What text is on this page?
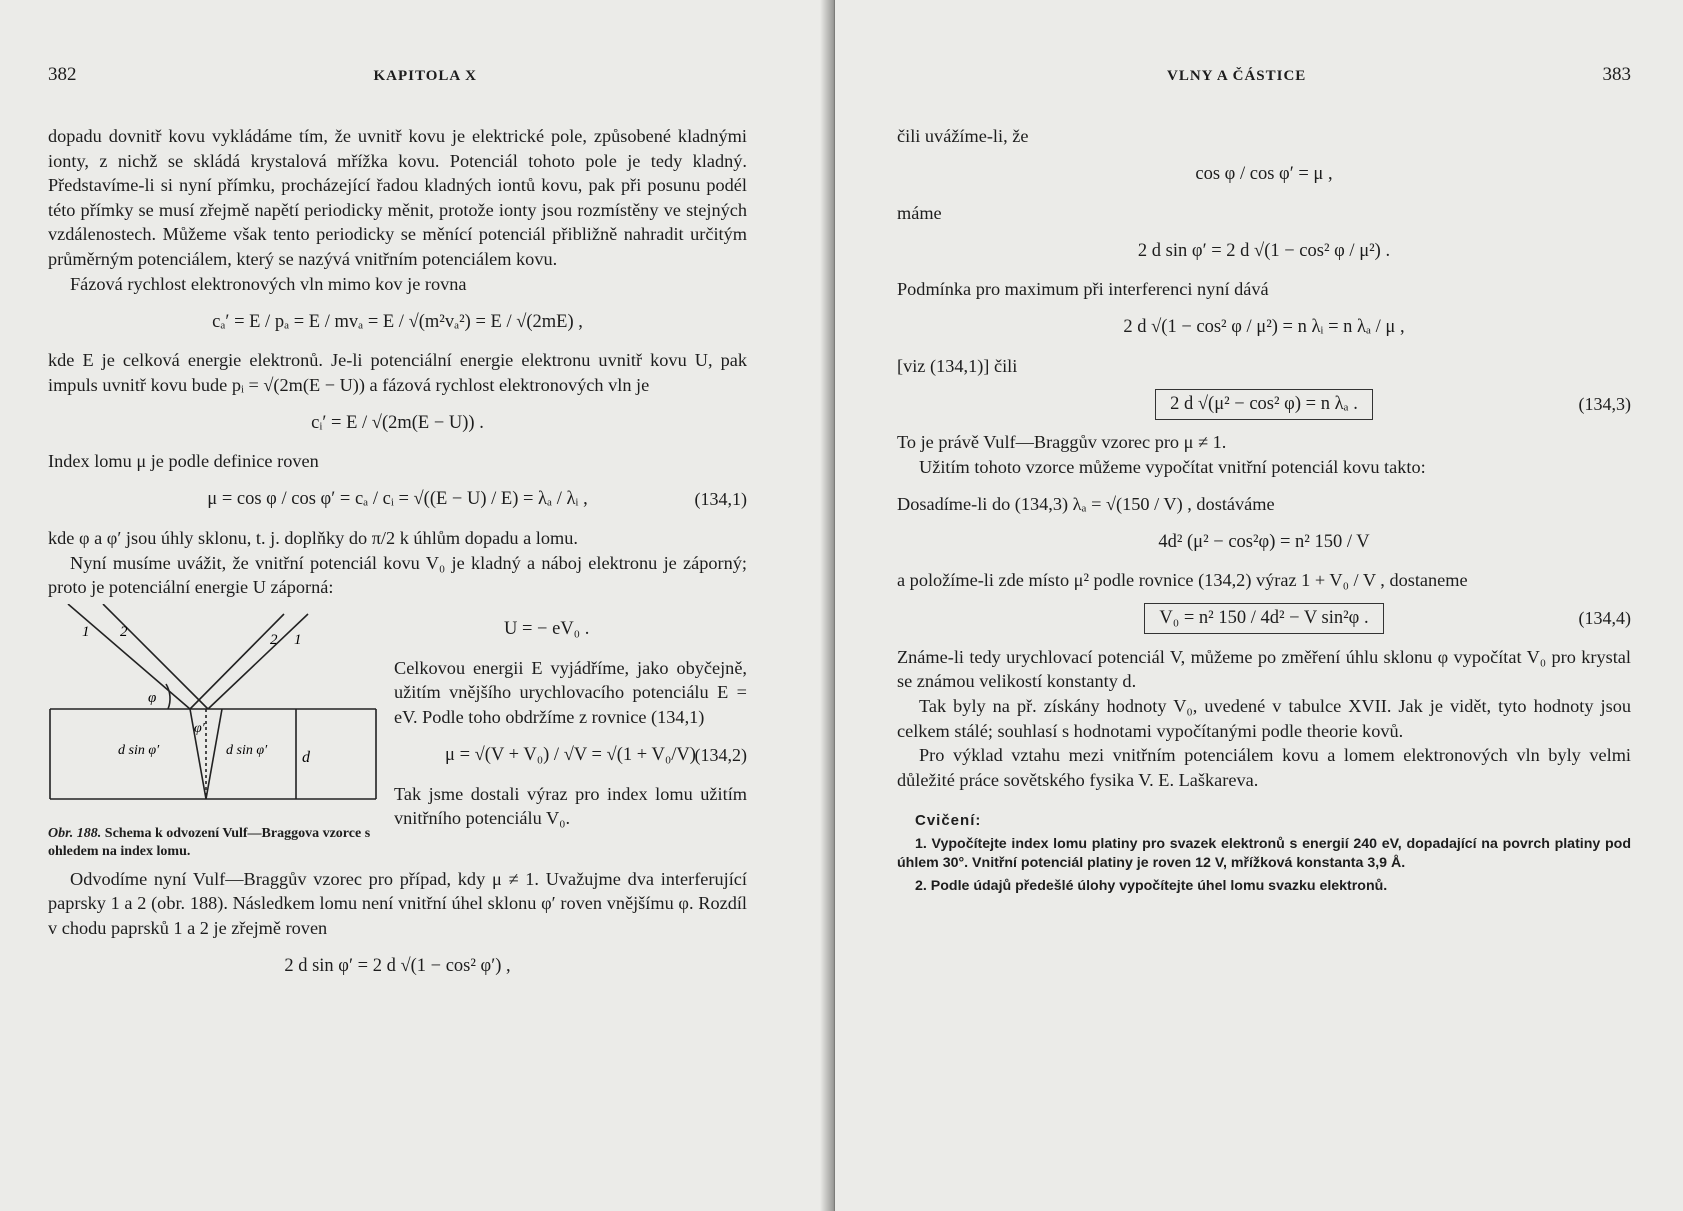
382	KAPITOLA X

dopadu dovnitř kovu vykládáme tím, že uvnitř kovu je elektrické pole, způsobené kladnými ionty, z nichž se skládá krystalová mřížka kovu. Potenciál tohoto pole je tedy kladný. Představíme-li si nyní přímku, procházející řadou kladných iontů kovu, pak při posunu podél této přímky se musí zřejmě napětí periodicky měnit, protože ionty jsou rozmístěny ve stejných vzdálenostech. Můžeme však tento periodicky se měnící potenciál přibližně nahradit určitým průměrným potenciálem, který se nazývá vnitřním potenciálem kovu.

Fázová rychlost elektronových vln mimo kov je rovna

cₐ′ = E / pₐ = E / mvₐ = E / √(m²vₐ²) = E / √(2mE) ,

kde E je celková energie elektronů. Je-li potenciální energie elektronu uvnitř kovu U, pak impuls uvnitř kovu bude pᵢ = √(2m(E − U)) a fázová rychlost elektronových vln je

cᵢ′ = E / √(2m(E − U)) .

Index lomu μ je podle definice roven

μ = cos φ / cos φ′ = cₐ / cᵢ = √((E − U) / E) = λₐ / λᵢ ,	(134,1)

kde φ a φ′ jsou úhly sklonu, t. j. doplňky do π/2 k úhlům dopadu a lomu.

Nyní musíme uvážit, že vnitřní potenciál kovu V₀ je kladný a náboj elektronu je záporný; proto je potenciální energie U záporná:

1 2	2 1
φ
φ′
d sin φ′	d sin φ′ d
Obr. 188. Schema k odvození Vulf—Braggova vzorce s ohledem na index lomu.
U = − eV₀ .

Celkovou energii E vyjádříme, jako obyčejně, užitím vnějšího urychlovacího potenciálu E = eV. Podle toho obdržíme z rovnice (134,1)

μ = √(V + V₀) / √V = √(1 + V₀/V)
(134,2)

Tak jsme dostali výraz pro index lomu užitím vnitřního potenciálu V₀.

Odvodíme nyní Vulf—Braggův vzorec pro případ, kdy μ ≠ 1. Uvažujme dva interferující paprsky 1 a 2 (obr. 188). Následkem lomu není vnitřní úhel sklonu φ′ roven vnějšímu φ. Rozdíl v chodu paprsků 1 a 2 je zřejmě roven

2 d sin φ′ = 2 d √(1 − cos² φ′) ,
VLNY A ČÁSTICE	383

čili uvážíme-li, že

cos φ / cos φ′ = μ ,

máme

2 d sin φ′ = 2 d √(1 − cos² φ / μ²) .

Podmínka pro maximum při interferenci nyní dává

2 d √(1 − cos² φ / μ²) = n λᵢ = n λₐ / μ ,

[viz (134,1)] čili

2 d √(μ² − cos² φ) = n λₐ .	(134,3)

To je právě Vulf—Braggův vzorec pro μ ≠ 1.

Užitím tohoto vzorce můžeme vypočítat vnitřní potenciál kovu takto:

Dosadíme-li do (134,3) λₐ = √(150 / V) , dostáváme

4d² (μ² − cos²φ) = n² 150 / V

a položíme-li zde místo μ² podle rovnice (134,2) výraz 1 + V₀ / V , dostaneme

V₀ = n² 150 / 4d² − V sin²φ .	(134,4)

Známe-li tedy urychlovací potenciál V, můžeme po změření úhlu sklonu φ vypočítat V₀ pro krystal se známou velikostí konstanty d.

Tak byly na př. získány hodnoty V₀, uvedené v tabulce XVII. Jak je vidět, tyto hodnoty jsou celkem stálé; souhlasí s hodnotami vypočítanými podle theorie kovů.

Pro výklad vztahu mezi vnitřním potenciálem kovu a lomem elektronových vln byly velmi důležité práce sovětského fysika V. E. Laškareva.

Cvičení:
1. Vypočítejte index lomu platiny pro svazek elektronů s energií 240 eV, dopadající na povrch platiny pod úhlem 30°. Vnitřní potenciál platiny je roven 12 V, mřížková konstanta 3,9 Å.
2. Podle údajů předešlé úlohy vypočítejte úhel lomu svazku elektronů.
